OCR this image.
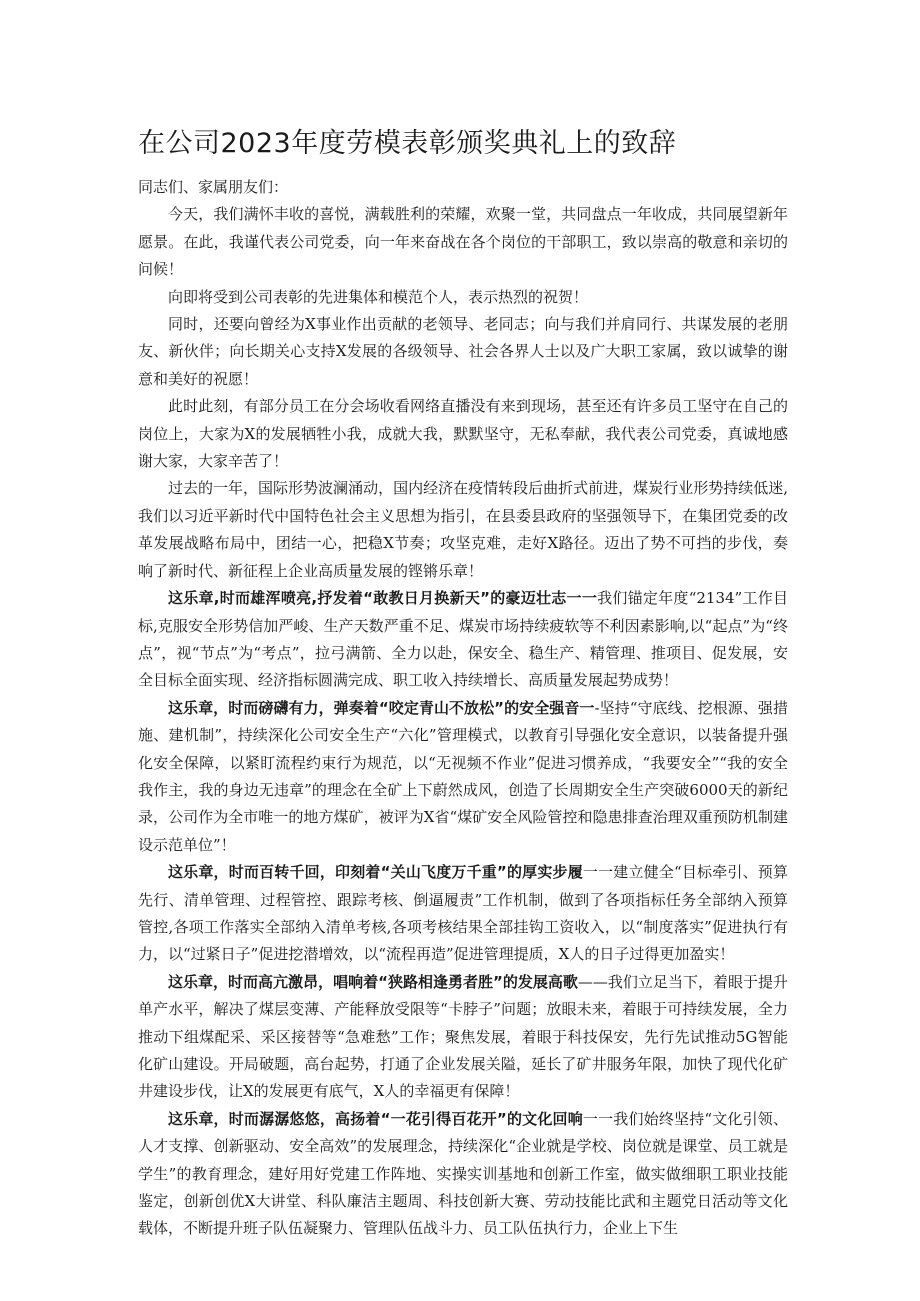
在公司2023年度劳模表彰颁奖典礼上的致辞

同志们、家属朋友们：

今天，我们满怀丰收的喜悦，满载胜利的荣耀，欢聚一堂，共同盘点一年收成，共同展望新年愿景。在此，我谨代表公司党委，向一年来奋战在各个岗位的干部职工，致以崇高的敬意和亲切的问候！

向即将受到公司表彰的先进集体和模范个人，表示热烈的祝贺！

同时，还要向曾经为X事业作出贡献的老领导、老同志；向与我们并肩同行、共谋发展的老朋友、新伙伴；向长期关心支持X发展的各级领导、社会各界人士以及广大职工家属，致以诚挚的谢意和美好的祝愿！

此时此刻，有部分员工在分会场收看网络直播没有来到现场，甚至还有许多员工坚守在自己的岗位上，大家为X的发展牺牲小我，成就大我，默默坚守，无私奉献，我代表公司党委，真诚地感谢大家，大家辛苦了！

过去的一年，国际形势波澜涌动，国内经济在疫情转段后曲折式前进，煤炭行业形势持续低迷,我们以习近平新时代中国特色社会主义思想为指引，在县委县政府的坚强领导下，在集团党委的改革发展战略布局中，团结一心，把稳X节奏；攻坚克难，走好X路径。迈出了势不可挡的步伐，奏响了新时代、新征程上企业高质量发展的铿锵乐章！

这乐章,时而雄浑喷亮,抒发着“敢教日月换新天”的豪迈壮志一一我们锚定年度“2134”工作目标,克服安全形势信加严峻、生产天数严重不足、煤炭市场持续疲软等不利因素影响,以“起点”为“终点”，视“节点”为“考点”，拉弓满箭、全力以赴，保安全、稳生产、精管理、推项目、促发展，安全目标全面实现、经济指标圆满完成、职工收入持续增长、高质量发展起势成势！

这乐章，时而磅礴有力，弹奏着“咬定青山不放松”的安全强音一-坚持“守底线、挖根源、强措施、建机制”，持续深化公司安全生产“六化”管理模式，以教育引导强化安全意识，以装备提升强化安全保障，以紧盯流程约束行为规范，以“无视频不作业”促进习惯养成，“我要安全”“我的安全我作主，我的身边无违章”的理念在全矿上下蔚然成风，创造了长周期安全生产突破6000天的新纪录，公司作为全市唯一的地方煤矿，被评为X省“煤矿安全风险管控和隐患排查治理双重预防机制建设示范单位”！

这乐章，时而百转千回，印刻着“关山飞度万千重”的厚实步履一一建立健全“目标牵引、预算先行、清单管理、过程管控、跟踪考核、倒逼履责”工作机制，做到了各项指标任务全部纳入预算管控,各项工作落实全部纳入清单考核,各项考核结果全部挂钩工资收入，以“制度落实”促进执行有力，以“过紧日子”促进挖潜增效，以“流程再造”促进管理提质，X人的日子过得更加盈实！

这乐章，时而高亢激昂，唱响着“狭路相逢勇者胜”的发展高歌——我们立足当下，着眼于提升单产水平，解决了煤层变薄、产能释放受限等“卡脖子”问题；放眼未来，着眼于可持续发展，全力推动下组煤配采、采区接替等“急难愁”工作；聚焦发展，着眼于科技保安，先行先试推动5G智能化矿山建设。开局破题，高台起势，打通了企业发展关隘，延长了矿井服务年限，加快了现代化矿井建设步伐，让X的发展更有底气，X人的幸福更有保障！

这乐章，时而潺潺悠悠，高扬着“一花引得百花开”的文化回响一一我们始终坚持“文化引领、人才支撑、创新驱动、安全高效”的发展理念，持续深化“企业就是学校、岗位就是课堂、员工就是学生”的教育理念，建好用好党建工作阵地、实操实训基地和创新工作室，做实做细职工职业技能鉴定，创新创优X大讲堂、科队廉洁主题周、科技创新大赛、劳动技能比武和主题党日活动等文化载体，不断提升班子队伍凝聚力、管理队伍战斗力、员工队伍执行力，企业上下生
